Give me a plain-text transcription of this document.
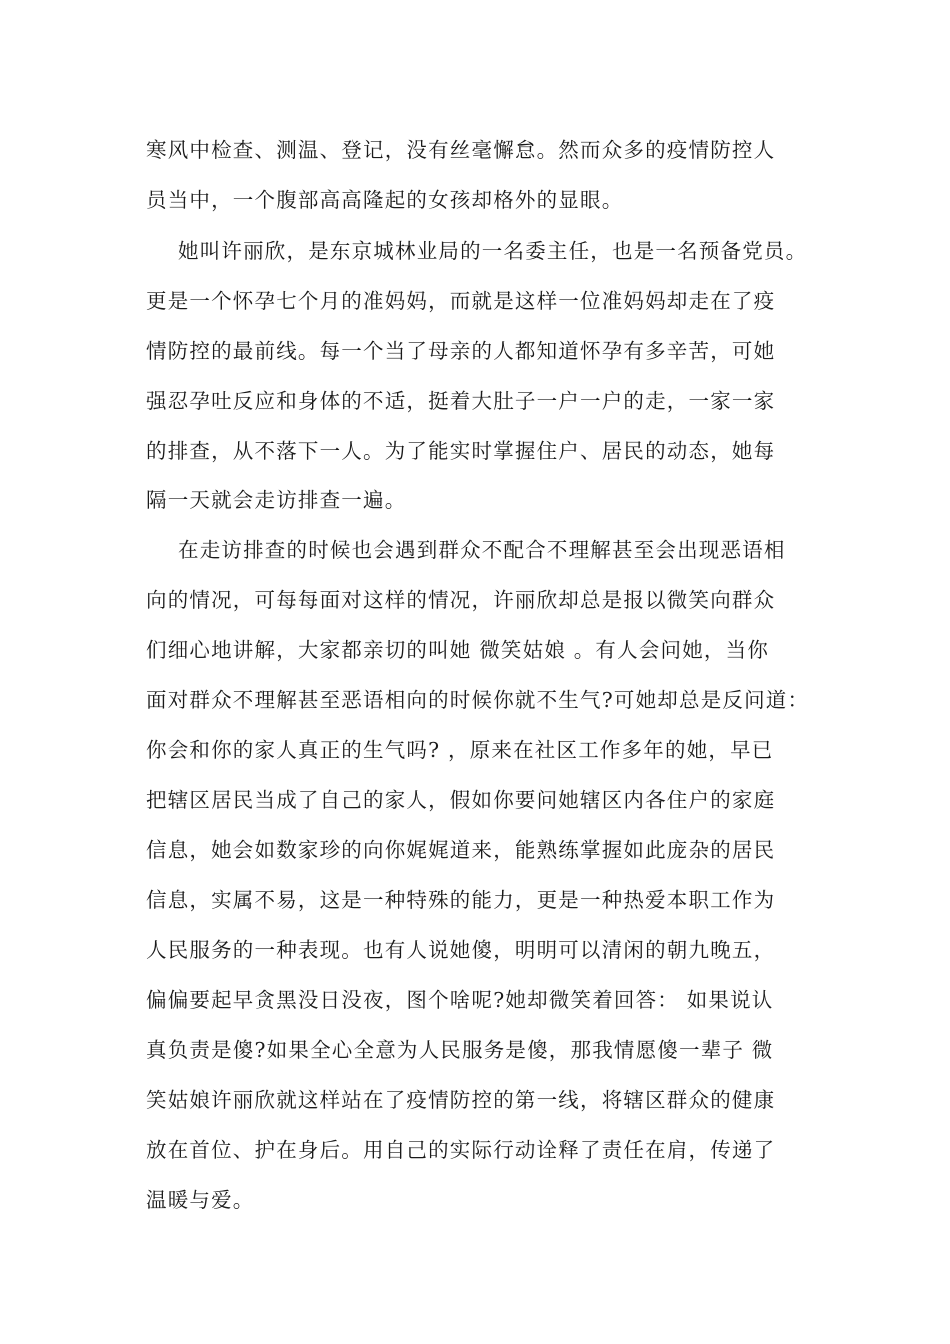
寒风中检查、测温、登记，没有丝毫懈怠。然而众多的疫情防控人
员当中，一个腹部高高隆起的女孩却格外的显眼。
她叫许丽欣，是东京城林业局的一名委主任，也是一名预备党员。
更是一个怀孕七个月的准妈妈，而就是这样一位准妈妈却走在了疫
情防控的最前线。每一个当了母亲的人都知道怀孕有多辛苦，可她
强忍孕吐反应和身体的不适，挺着大肚子一户一户的走，一家一家
的排查，从不落下一人。为了能实时掌握住户、居民的动态，她每
隔一天就会走访排查一遍。
在走访排查的时候也会遇到群众不配合不理解甚至会出现恶语相
向的情况，可每每面对这样的情况，许丽欣却总是报以微笑向群众
们细心地讲解，大家都亲切的叫她 微笑姑娘 。有人会问她，当你
面对群众不理解甚至恶语相向的时候你就不生气?可她却总是反问道：
你会和你的家人真正的生气吗? ，原来在社区工作多年的她，早已
把辖区居民当成了自己的家人，假如你要问她辖区内各住户的家庭
信息，她会如数家珍的向你娓娓道来，能熟练掌握如此庞杂的居民
信息，实属不易，这是一种特殊的能力，更是一种热爱本职工作为
人民服务的一种表现。也有人说她傻，明明可以清闲的朝九晚五，
偏偏要起早贪黑没日没夜，图个啥呢?她却微笑着回答： 如果说认
真负责是傻?如果全心全意为人民服务是傻，那我情愿傻一辈子 微
笑姑娘许丽欣就这样站在了疫情防控的第一线，将辖区群众的健康
放在首位、护在身后。用自己的实际行动诠释了责任在肩，传递了
温暖与爱。
